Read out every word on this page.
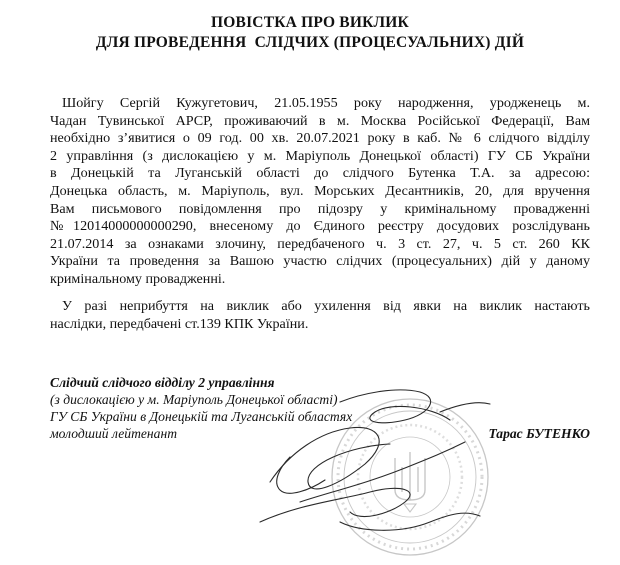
ПОВІСТКА ПРО ВИКЛИК
ДЛЯ ПРОВЕДЕННЯ  СЛІДЧИХ (ПРОЦЕСУАЛЬНИХ) ДІЙ
Шойгу Сергій Кужугетович, 21.05.1955 року народження, уродженець м.
Чадан Тувинської АРСР, проживаючий в м. Москва Російської Федерації, Вам
необхідно з’явитися о 09 год. 00 хв. 20.07.2021 року в каб. № 6 слідчого відділу
2 управління (з дислокацією у м. Маріуполь Донецької області) ГУ СБ України
в Донецькій та Луганській області до слідчого Бутенка Т.А. за адресою:
Донецька область, м. Маріуполь, вул. Морських Десантників, 20, для вручення
Вам письмового повідомлення про підозру у кримінальному провадженні
№12014000000000290, внесеному до Єдиного реєстру досудових розслідувань
21.07.2014 за ознаками злочину, передбаченого ч. 3 ст. 27, ч. 5 ст. 260 КК
України та проведення за Вашою участю слідчих (процесуальних) дій у даному
кримінальному провадженні.
У разі неприбуття на виклик або ухилення від явки на виклик настають
наслідки, передбачені ст.139 КПК України.
Слідчий слідчого відділу 2 управління
(з дислокацією у м. Маріуполь Донецької області)
ГУ СБ України в Донецькій та Луганській областях
молодший лейтенант	Тарас БУТЕНКО
